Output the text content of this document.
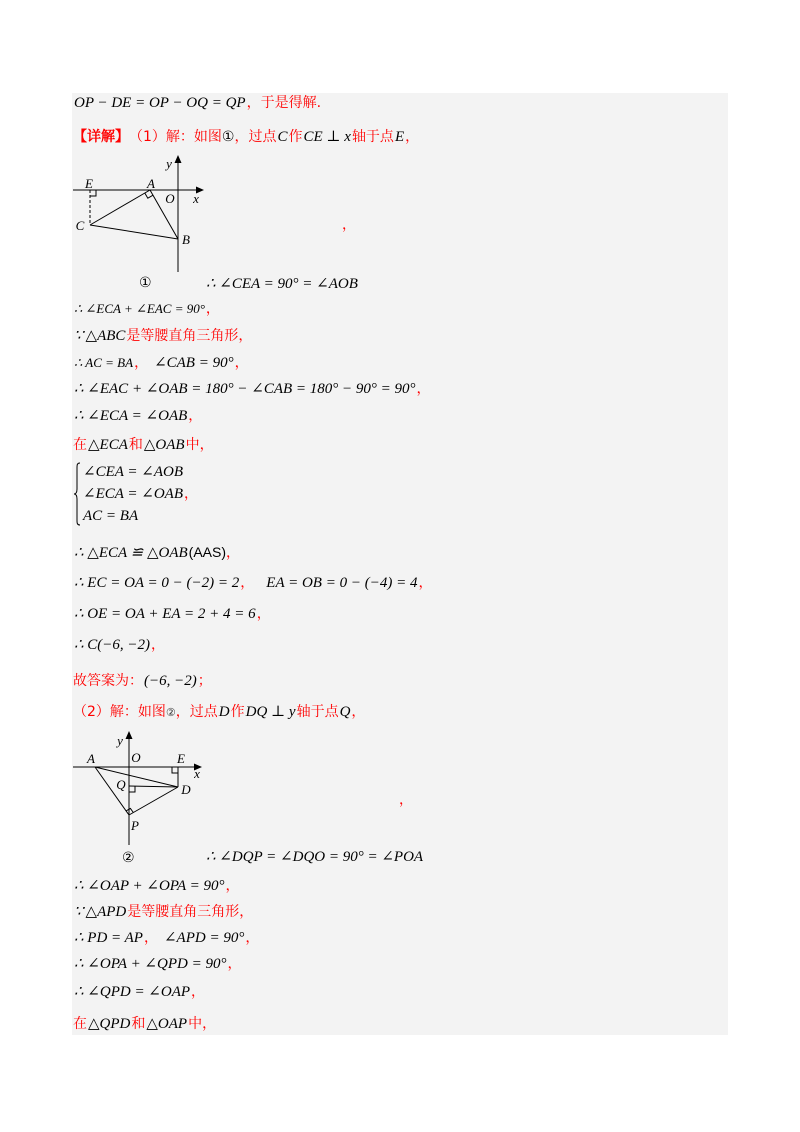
OP − DE = OP − OQ = QP ，于是得解.
【详解】 （1）解：如图 ① ，过点 C 作 CE ⊥ x 轴于点 E ，
y
E	A
O x
C
B
①
，
∴ ∠CEA = 90° = ∠AOB
∴ ∠ECA + ∠EAC = 90° ，
∵ △ABC 是等腰直角三角形，
∴ AC = BA ， ∠CAB = 90° ，
∴ ∠EAC + ∠OAB = 180° − ∠CAB = 180° − 90° = 90° ，
∴ ∠ECA = ∠OAB ，
在 △ECA 和 △OAB 中，
∠CEA = ∠AOB
∠ECA = ∠OAB ，
AC = BA
∴ △ECA ≌ △OAB (AAS) ，
∴ EC = OA = 0 − (−2) = 2 ， EA = OB = 0 − (−4) = 4 ，
∴ OE = OA + EA = 2 + 4 = 6 ，
∴ C(−6, −2) ，
故答案为： (−6, −2) ；
（2）解：如图 ② ，过点 D 作 DQ ⊥ y 轴于点 Q ，
y
O	E
A
x
Q	D
P
②
，
∴ ∠DQP = ∠DQO = 90° = ∠POA
∴ ∠OAP + ∠OPA = 90° ，
∵ △APD 是等腰直角三角形，
∴ PD = AP ， ∠APD = 90° ，
∴ ∠OPA + ∠QPD = 90° ，
∴ ∠QPD = ∠OAP ，
在 △QPD 和 △OAP 中，
